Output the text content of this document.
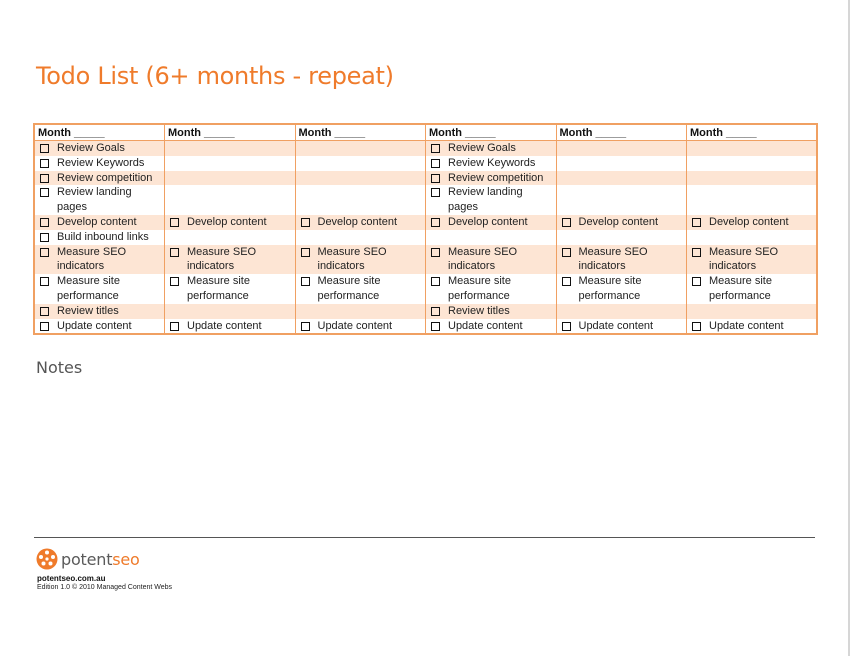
Todo List (6+ months - repeat)
Month _____	Month _____	Month _____	Month _____	Month _____	Month _____

Review Goals			Review Goals		

Review Keywords			Review Keywords		

Review competition			Review competition		

Review landing pages			Review landing pages		

Develop content	Develop content	Develop content	Develop content	Develop content	Develop content

Build inbound links					

Measure SEO indicators	Measure SEO indicators	Measure SEO indicators	Measure SEO indicators	Measure SEO indicators	Measure SEO indicators

Measure site performance	Measure site performance	Measure site performance	Measure site performance	Measure site performance	Measure site performance

Review titles			Review titles		

Update content	Update content	Update content	Update content	Update content	Update content
Notes
potentseo
potentseo.com.au
Edition 1.0 © 2010 Managed Content Webs
